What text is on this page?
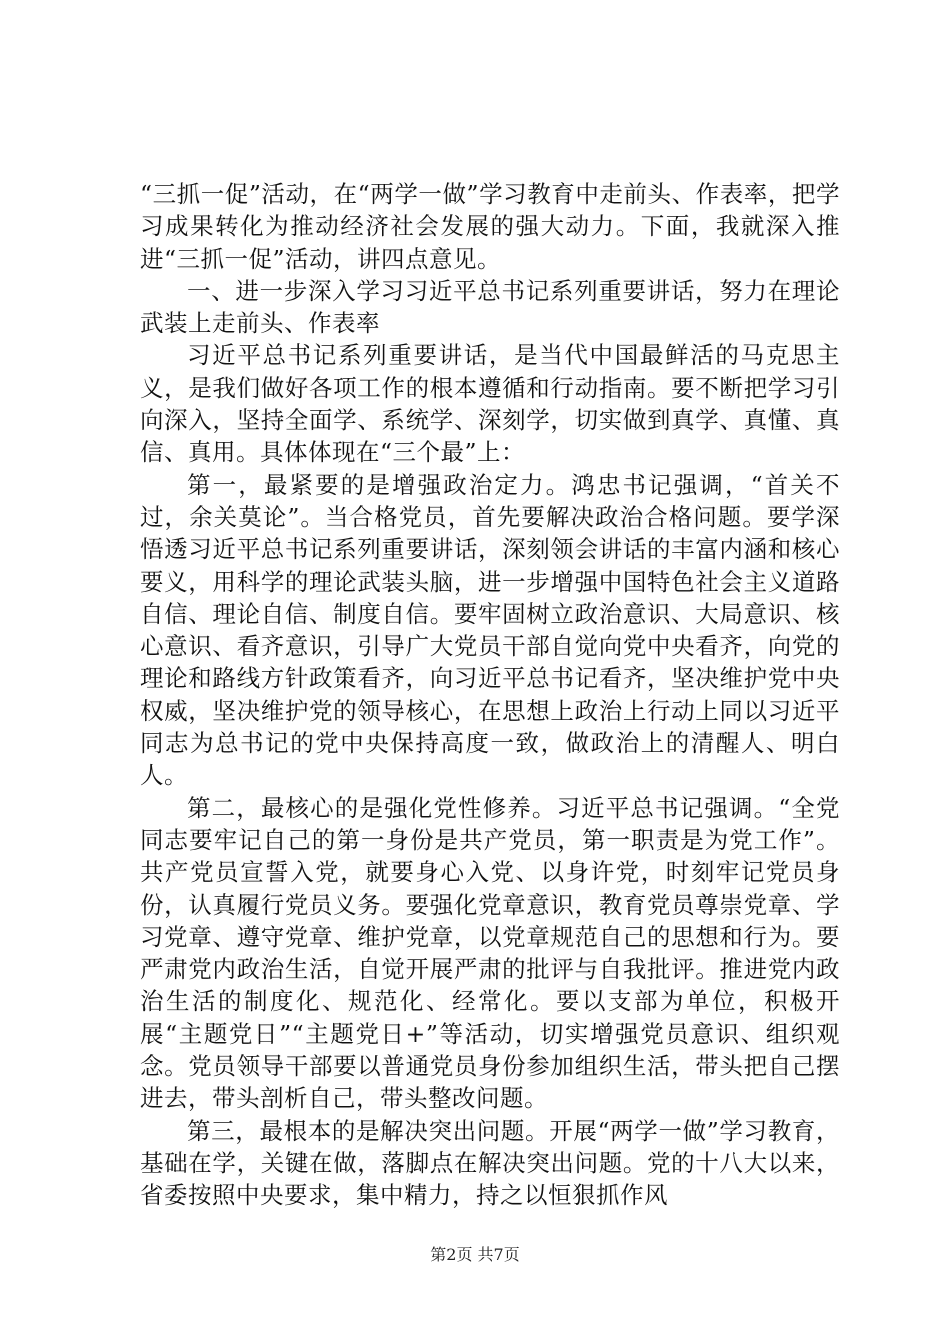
“三抓一促”活动，在“两学一做”学习教育中走前头、作表率，把学习成果转化为推动经济社会发展的强大动力。下面，我就深入推进“三抓一促”活动，讲四点意见。

一、进一步深入学习习近平总书记系列重要讲话，努力在理论武装上走前头、作表率

习近平总书记系列重要讲话，是当代中国最鲜活的马克思主义，是我们做好各项工作的根本遵循和行动指南。要不断把学习引向深入，坚持全面学、系统学、深刻学，切实做到真学、真懂、真信、真用。具体体现在“三个最”上：

第一，最紧要的是增强政治定力。鸿忠书记强调，“首关不过，余关莫论”。当合格党员，首先要解决政治合格问题。要学深悟透习近平总书记系列重要讲话，深刻领会讲话的丰富内涵和核心要义，用科学的理论武装头脑，进一步增强中国特色社会主义道路自信、理论自信、制度自信。要牢固树立政治意识、大局意识、核心意识、看齐意识，引导广大党员干部自觉向党中央看齐，向党的理论和路线方针政策看齐，向习近平总书记看齐，坚决维护党中央权威，坚决维护党的领导核心，在思想上政治上行动上同以习近平同志为总书记的党中央保持高度一致，做政治上的清醒人、明白人。

第二，最核心的是强化党性修养。习近平总书记强调。“全党同志要牢记自己的第一身份是共产党员，第一职责是为党工作”。共产党员宣誓入党，就要身心入党、以身许党，时刻牢记党员身份，认真履行党员义务。要强化党章意识，教育党员尊崇党章、学习党章、遵守党章、维护党章，以党章规范自己的思想和行为。要严肃党内政治生活，自觉开展严肃的批评与自我批评。推进党内政治生活的制度化、规范化、经常化。要以支部为单位，积极开展“主题党日”“主题党日+”等活动，切实增强党员意识、组织观念。党员领导干部要以普通党员身份参加组织生活，带头把自己摆进去，带头剖析自己，带头整改问题。

第三，最根本的是解决突出问题。开展“两学一做”学习教育，基础在学，关键在做，落脚点在解决突出问题。党的十八大以来，省委按照中央要求，集中精力，持之以恒狠抓作风

第2页 共7页
